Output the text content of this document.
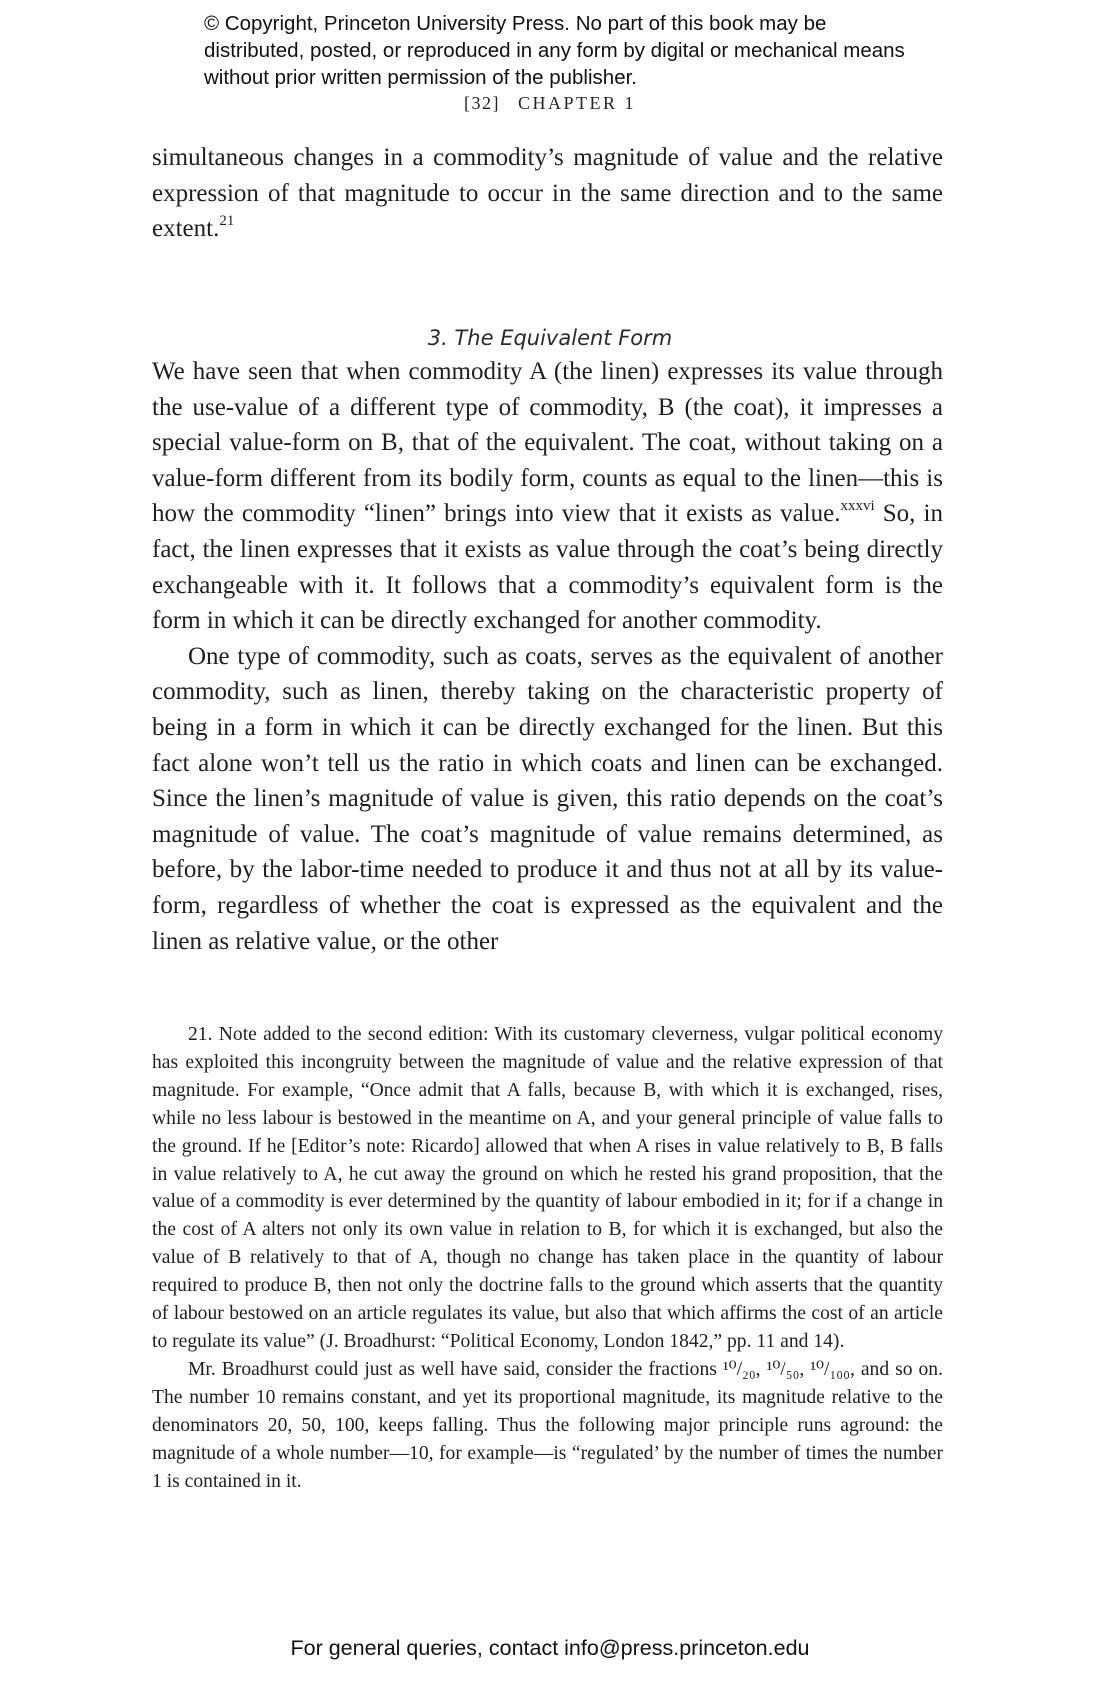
© Copyright, Princeton University Press. No part of this book may be distributed, posted, or reproduced in any form by digital or mechanical means without prior written permission of the publisher.
[32] CHAPTER 1

simultaneous changes in a commodity’s magnitude of value and the relative expression of that magnitude to occur in the same direction and to the same extent.$^{21}$

3. The Equivalent Form

We have seen that when commodity A (the linen) expresses its value through the use-value of a different type of commodity, B (the coat), it impresses a special value-form on B, that of the equivalent. The coat, without taking on a value-form different from its bodily form, counts as equal to the linen—this is how the commodity “linen” brings into view that it exists as value.$^{xxxvi}$ So, in fact, the linen expresses that it exists as value through the coat’s being directly exchangeable with it. It follows that a commodity’s equivalent form is the form in which it can be directly exchanged for another commodity.

One type of commodity, such as coats, serves as the equivalent of another commodity, such as linen, thereby taking on the characteristic property of being in a form in which it can be directly exchanged for the linen. But this fact alone won’t tell us the ratio in which coats and linen can be exchanged. Since the linen’s magnitude of value is given, this ratio depends on the coat’s magnitude of value. The coat’s magnitude of value remains determined, as before, by the labor-time needed to produce it and thus not at all by its value-form, regardless of whether the coat is expressed as the equivalent and the linen as relative value, or the other

21. Note added to the second edition: With its customary cleverness, vulgar political economy has exploited this incongruity between the magnitude of value and the relative expression of that magnitude. For example, “Once admit that A falls, because B, with which it is exchanged, rises, while no less labour is bestowed in the meantime on A, and your general principle of value falls to the ground. If he [Editor’s note: Ricardo] allowed that when A rises in value relatively to B, B falls in value relatively to A, he cut away the ground on which he rested his grand proposition, that the value of a commodity is ever determined by the quantity of labour embodied in it; for if a change in the cost of A alters not only its own value in relation to B, for which it is exchanged, but also the value of B relatively to that of A, though no change has taken place in the quantity of labour required to produce B, then not only the doctrine falls to the ground which asserts that the quantity of labour bestowed on an article regulates its value, but also that which affirms the cost of an article to regulate its value” (J. Broadhurst: “Political Economy, London 1842,” pp. 11 and 14).

Mr. Broadhurst could just as well have said, consider the fractions ¹⁰/₂₀, ¹⁰/₅₀, ¹⁰/₁₀₀, and so on. The number 10 remains constant, and yet its proportional magnitude, its magnitude relative to the denominators 20, 50, 100, keeps falling. Thus the following major principle runs aground: the magnitude of a whole number—10, for example—is “regulated’ by the number of times the number 1 is contained in it.

For general queries, contact info@press.princeton.edu
